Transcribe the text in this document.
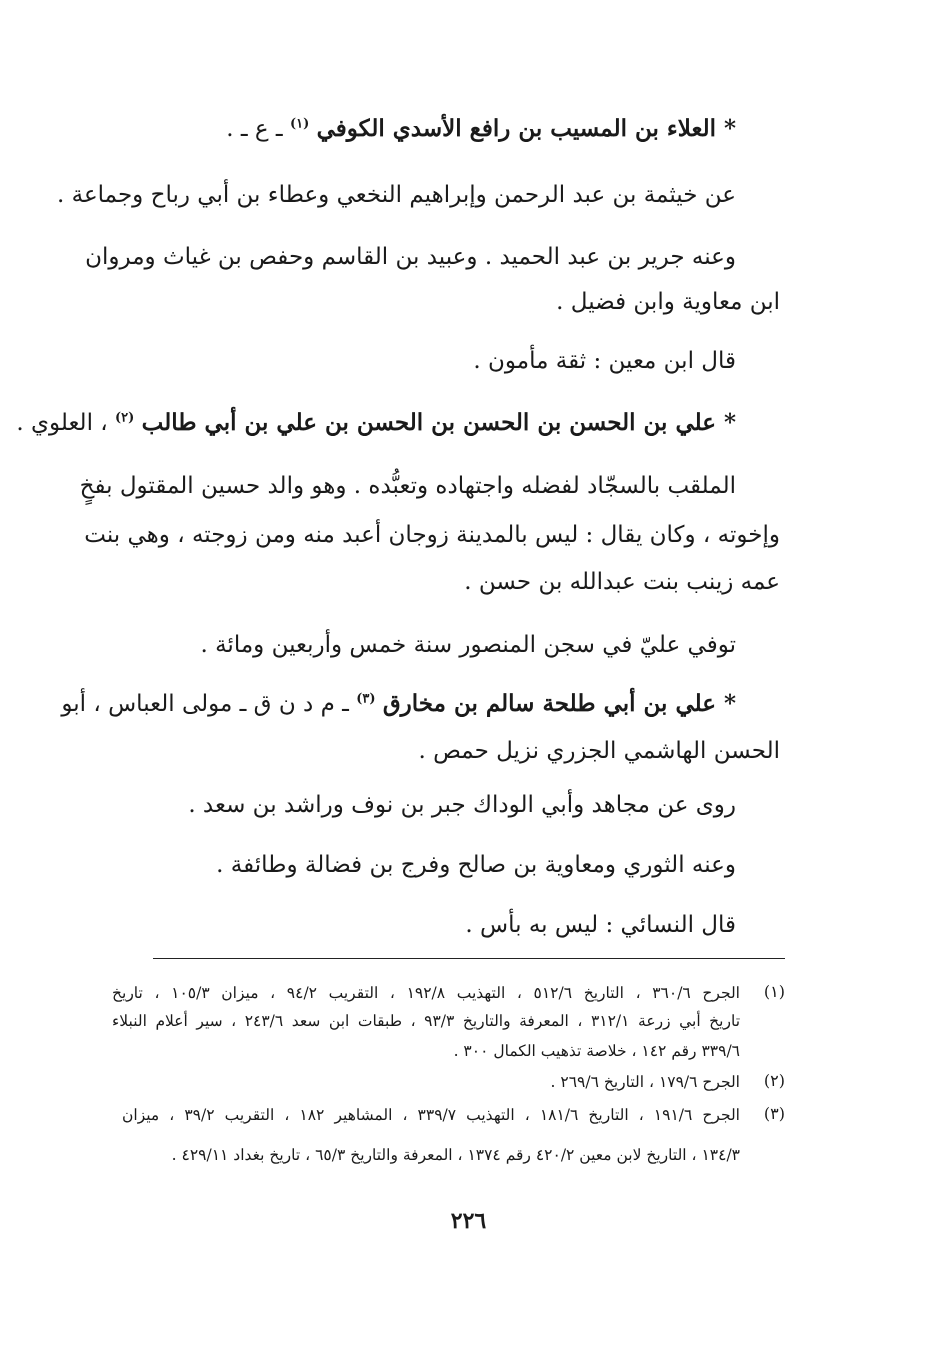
* العلاء بن المسيب بن رافع الأسدي الكوفي $^{(١)}$ ـ ع ـ .
عن خيثمة بن عبد الرحمن وإبراهيم النخعي وعطاء بن أبي رباح وجماعة .
وعنه جرير بن عبد الحميد . وعبيد بن القاسم وحفص بن غياث ومروان
ابن معاوية وابن فضيل .
قال ابن معين : ثقة مأمون .
* علي بن الحسن بن الحسن بن الحسن بن علي بن أبي طالب $^{(٢)}$ ، العلوي .
الملقب بالسجّاد لفضله واجتهاده وتعبُّده . وهو والد حسين المقتول بفخٍ
وإخوته ، وكان يقال : ليس بالمدينة زوجان أعبد منه ومن زوجته ، وهي بنت
عمه زينب بنت عبدالله بن حسن .
توفي عليّ في سجن المنصور سنة خمس وأربعين ومائة .
* علي بن أبي طلحة سالم بن مخارق $^{(٣)}$ ـ م د ن ق ـ مولى العباس ، أبو
الحسن الهاشمي الجزري نزيل حمص .
روى عن مجاهد وأبي الوداك جبر بن نوف وراشد بن سعد .
وعنه الثوري ومعاوية بن صالح وفرج بن فضالة وطائفة .
قال النسائي : ليس به بأس .
(١)
الجرح ٣٦٠/٦ ، التاريخ ٥١٢/٦ ، التهذيب ١٩٢/٨ ، التقريب ٩٤/٢ ، ميزان ١٠٥/٣ ، تاريخ
تاريخ أبي زرعة ٣١٢/١ ، المعرفة والتاريخ ٩٣/٣ ، طبقات ابن سعد ٢٤٣/٦ ، سير أعلام النبلاء
٣٣٩/٦ رقم ١٤٢ ، خلاصة تذهيب الكمال ٣٠٠ .
(٢)
الجرح ١٧٩/٦ ، التاريخ ٢٦٩/٦ .
(٣)
الجرح ١٩١/٦ ، التاريخ ١٨١/٦ ، التهذيب ٣٣٩/٧ ، المشاهير ١٨٢ ، التقريب ٣٩/٢ ، ميزان
١٣٤/٣ ، التاريخ لابن معين ٤٢٠/٢ رقم ١٣٧٤ ، المعرفة والتاريخ ٦٥/٣ ، تاريخ بغداد ٤٢٩/١١ .
٢٢٦
